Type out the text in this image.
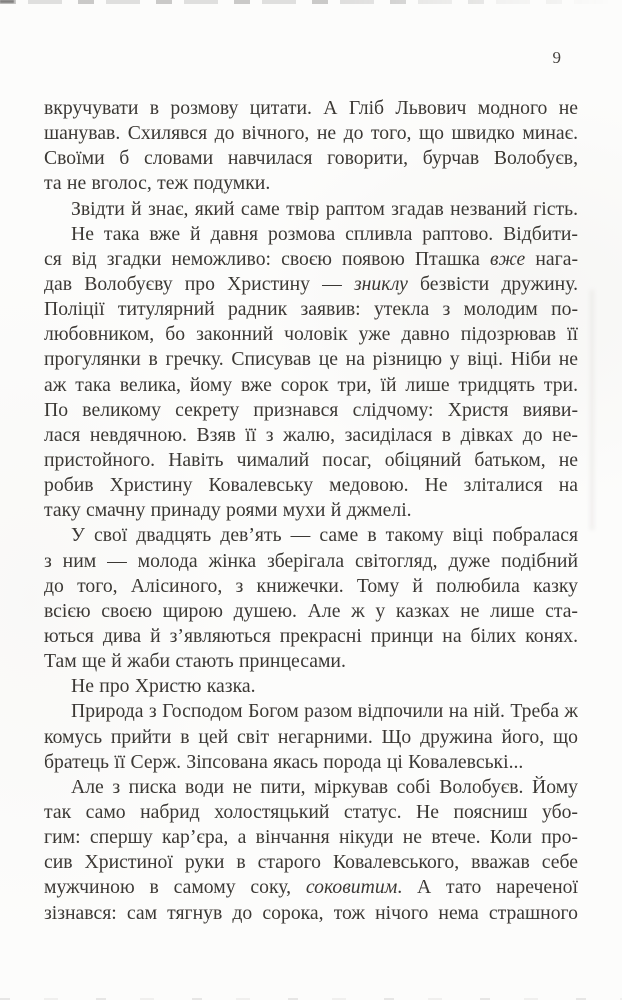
9
вкручувати в розмову цитати. А Гліб Львович модного не
шанував. Схилявся до вічного, не до того, що швидко минає.
Своїми б словами навчилася говорити, бурчав Волобуєв,
та не вголос, теж подумки.
Звідти й знає, який саме твір раптом згадав незваний гість.
Не така вже й давня розмова спливла раптово. Відбити-
ся від згадки неможливо: своєю появою Пташка вже нага-
дав Волобуєву про Христину — зниклу безвісти дружину.
Поліції титулярний радник заявив: утекла з молодим по-
любовником, бо законний чоловік уже давно підозрював її
прогулянки в гречку. Списував це на різницю у віці. Ніби не
аж така велика, йому вже сорок три, їй лише тридцять три.
По великому секрету признався слідчому: Христя вияви-
лася невдячною. Взяв її з жалю, засиділася в дівках до не-
пристойного. Навіть чималий посаг, обіцяний батьком, не
робив Христину Ковалевську медовою. Не зліталися на
таку смачну принаду роями мухи й джмелі.
У свої двадцять дев’ять — саме в такому віці побралася
з ним — молода жінка зберігала світогляд, дуже подібний
до того, Алісиного, з книжечки. Тому й полюбила казку
всією своєю щирою душею. Але ж у казках не лише ста-
ються дива й з’являються прекрасні принци на білих конях.
Там ще й жаби стають принцесами.
Не про Христю казка.
Природа з Господом Богом разом відпочили на ній. Треба ж
комусь прийти в цей світ негарними. Що дружина його, що
братець її Серж. Зіпсована якась порода ці Ковалевські...
Але з писка води не пити, міркував собі Волобуєв. Йому
так само набрид холостяцький статус. Не поясниш убо-
гим: спершу кар’єра, а вінчання нікуди не втече. Коли про-
сив Христиної руки в старого Ковалевського, вважав себе
мужчиною в самому соку, соковитим. А тато нареченої
зізнався: сам тягнув до сорока, тож нічого нема страшного
